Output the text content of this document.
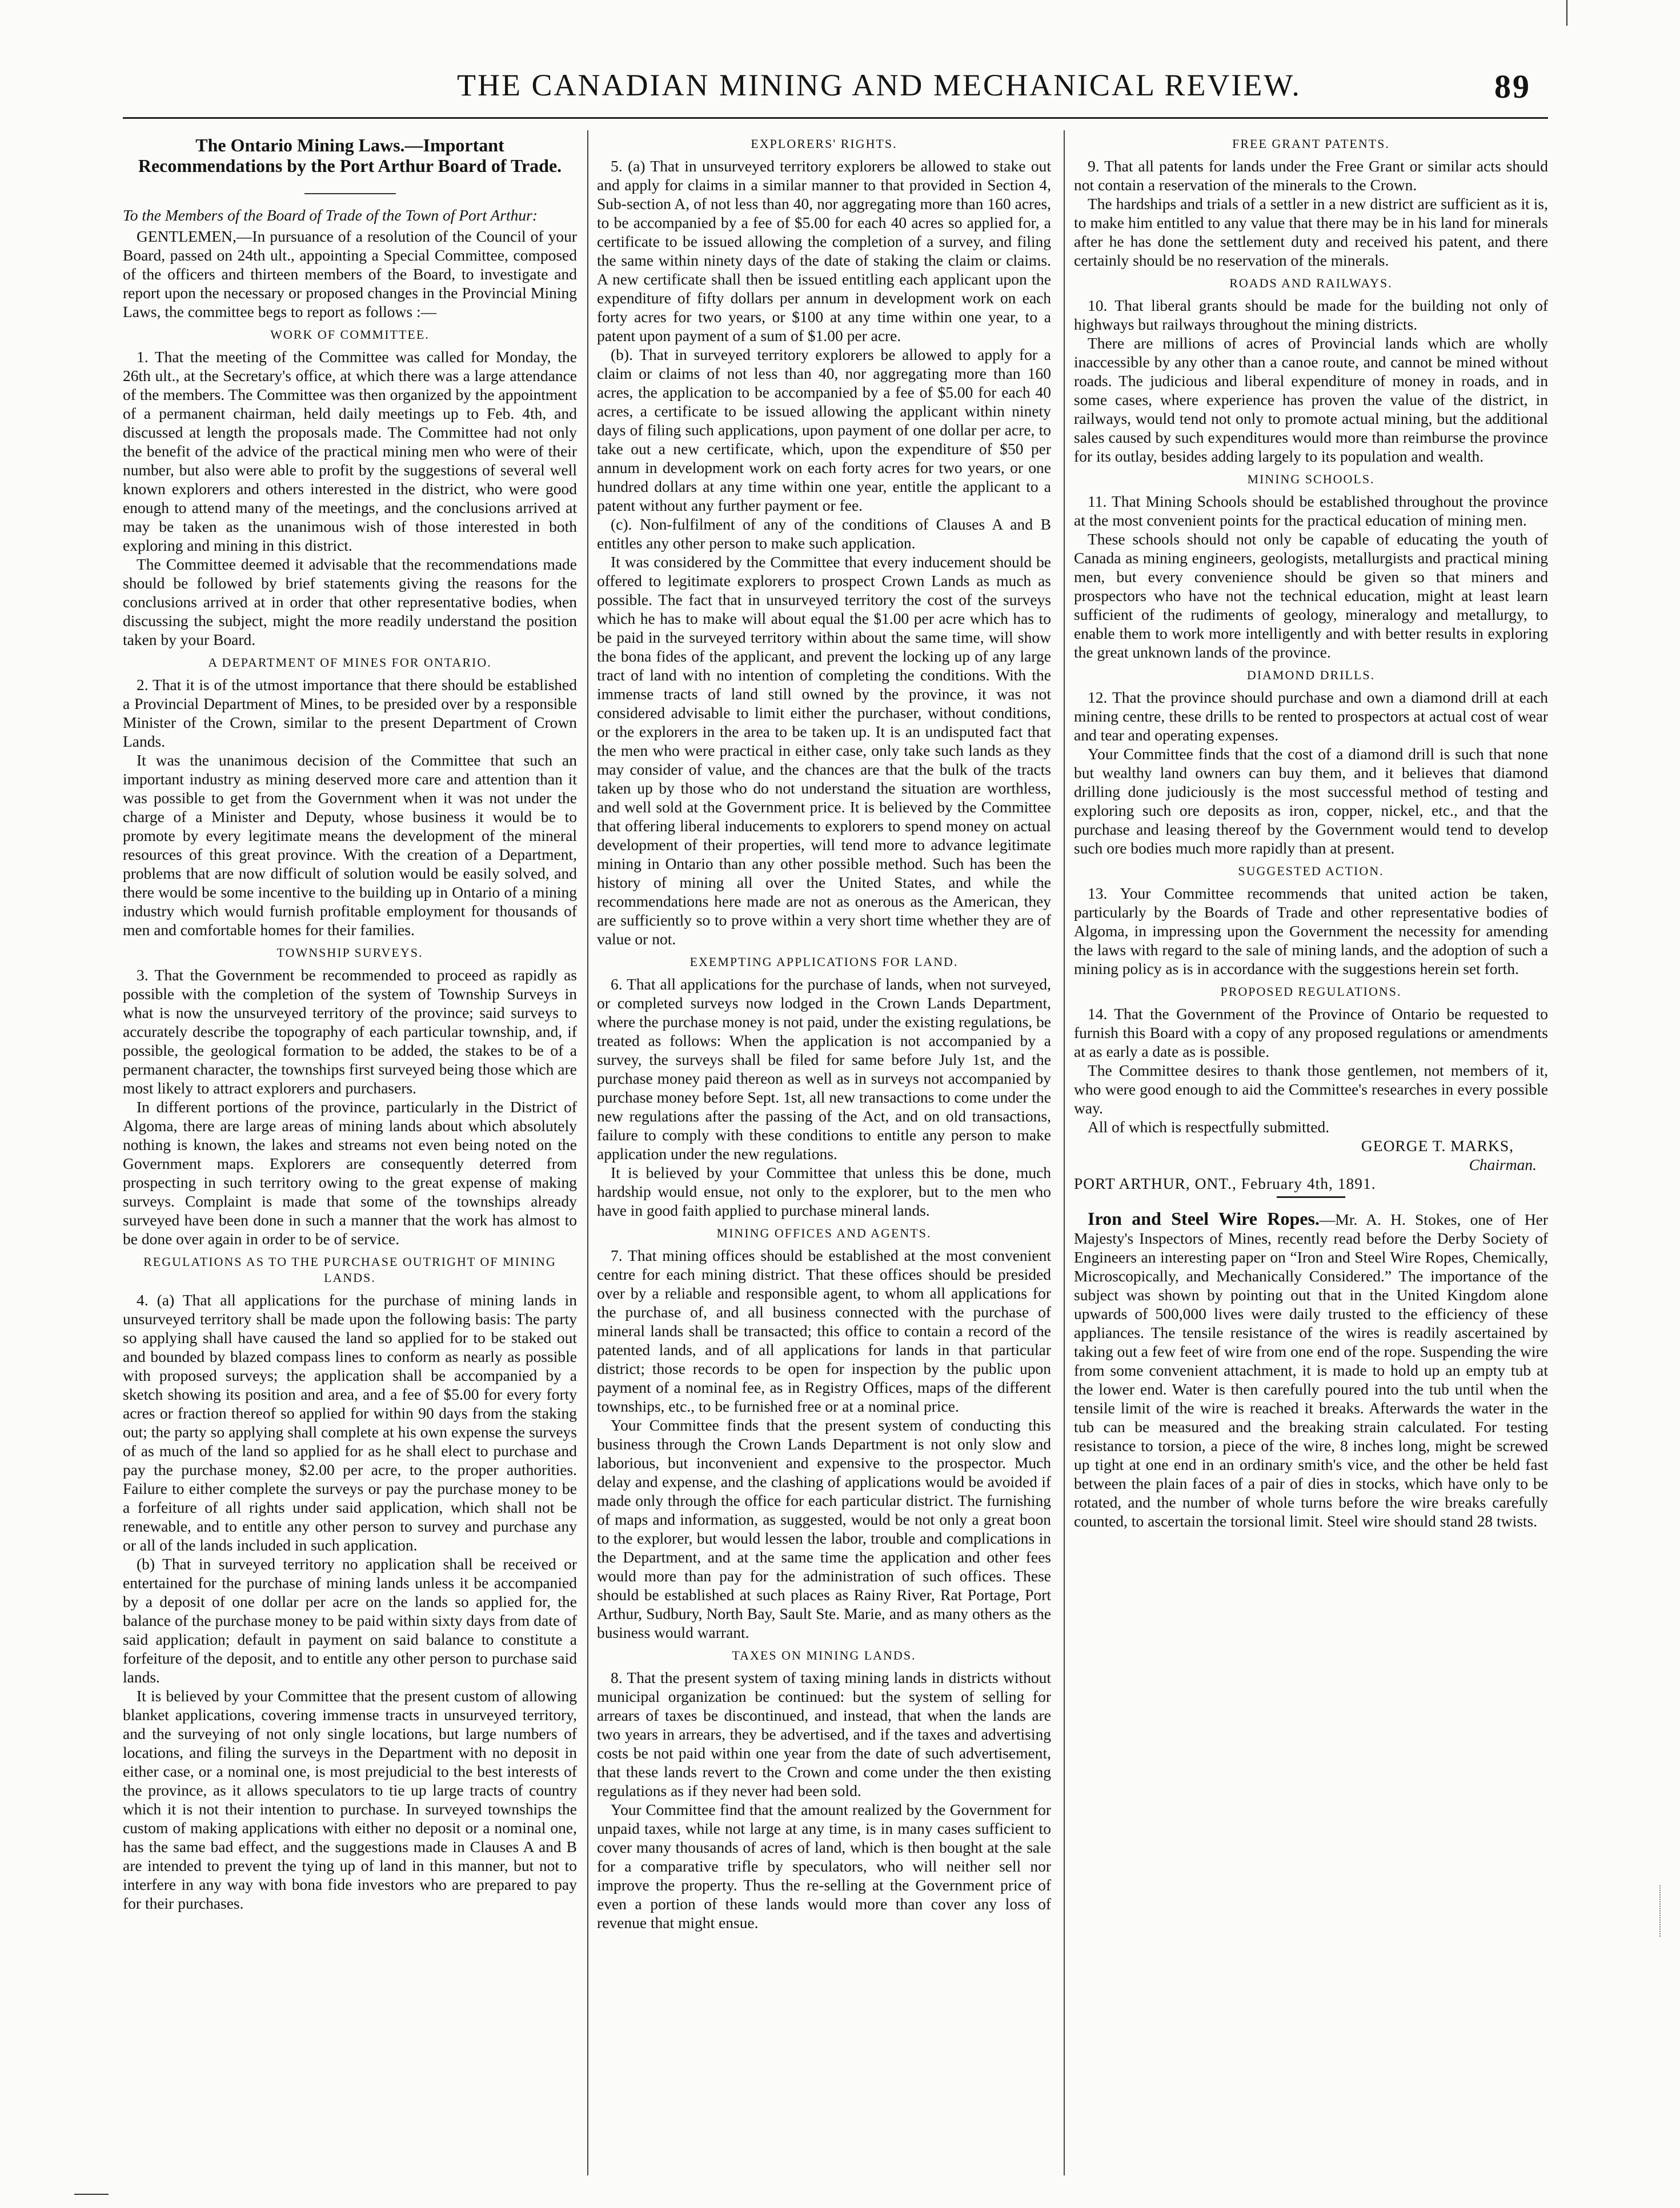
THE CANADIAN MINING AND MECHANICAL REVIEW.	89
The Ontario Mining Laws.—Important Recommendations by the Port Arthur Board of Trade.

To the Members of the Board of Trade of the Town of Port Arthur:

GENTLEMEN,—In pursuance of a resolution of the Council of your Board, passed on 24th ult., appointing a Special Committee, composed of the officers and thirteen members of the Board, to investigate and report upon the necessary or proposed changes in the Provincial Mining Laws, the committee begs to report as follows :—

WORK OF COMMITTEE.

1. That the meeting of the Committee was called for Monday, the 26th ult., at the Secretary's office, at which there was a large attendance of the members. The Committee was then organized by the appointment of a permanent chairman, held daily meetings up to Feb. 4th, and discussed at length the proposals made. The Committee had not only the benefit of the advice of the practical mining men who were of their number, but also were able to profit by the suggestions of several well known explorers and others interested in the district, who were good enough to attend many of the meetings, and the conclusions arrived at may be taken as the unanimous wish of those interested in both exploring and mining in this district.

The Committee deemed it advisable that the recommendations made should be followed by brief statements giving the reasons for the conclusions arrived at in order that other representative bodies, when discussing the subject, might the more readily understand the position taken by your Board.

A DEPARTMENT OF MINES FOR ONTARIO.

2. That it is of the utmost importance that there should be established a Provincial Department of Mines, to be presided over by a responsible Minister of the Crown, similar to the present Department of Crown Lands.

It was the unanimous decision of the Committee that such an important industry as mining deserved more care and attention than it was possible to get from the Government when it was not under the charge of a Minister and Deputy, whose business it would be to promote by every legitimate means the development of the mineral resources of this great province. With the creation of a Department, problems that are now difficult of solution would be easily solved, and there would be some incentive to the building up in Ontario of a mining industry which would furnish profitable employment for thousands of men and comfortable homes for their families.

TOWNSHIP SURVEYS.

3. That the Government be recommended to proceed as rapidly as possible with the completion of the system of Township Surveys in what is now the unsurveyed territory of the province; said surveys to accurately describe the topography of each particular township, and, if possible, the geological formation to be added, the stakes to be of a permanent character, the townships first surveyed being those which are most likely to attract explorers and purchasers.

In different portions of the province, particularly in the District of Algoma, there are large areas of mining lands about which absolutely nothing is known, the lakes and streams not even being noted on the Government maps. Explorers are consequently deterred from prospecting in such territory owing to the great expense of making surveys. Complaint is made that some of the townships already surveyed have been done in such a manner that the work has almost to be done over again in order to be of service.

REGULATIONS AS TO THE PURCHASE OUTRIGHT OF MINING LANDS.

4. (a) That all applications for the purchase of mining lands in unsurveyed territory shall be made upon the following basis: The party so applying shall have caused the land so applied for to be staked out and bounded by blazed compass lines to conform as nearly as possible with proposed surveys; the application shall be accompanied by a sketch showing its position and area, and a fee of $5.00 for every forty acres or fraction thereof so applied for within 90 days from the staking out; the party so applying shall complete at his own expense the surveys of as much of the land so applied for as he shall elect to purchase and pay the purchase money, $2.00 per acre, to the proper authorities. Failure to either complete the surveys or pay the purchase money to be a forfeiture of all rights under said application, which shall not be renewable, and to entitle any other person to survey and purchase any or all of the lands included in such application.

(b) That in surveyed territory no application shall be received or entertained for the purchase of mining lands unless it be accompanied by a deposit of one dollar per acre on the lands so applied for, the balance of the purchase money to be paid within sixty days from date of said application; default in payment on said balance to constitute a forfeiture of the deposit, and to entitle any other person to purchase said lands.

It is believed by your Committee that the present custom of allowing blanket applications, covering immense tracts in unsurveyed territory, and the surveying of not only single locations, but large numbers of locations, and filing the surveys in the Department with no deposit in either case, or a nominal one, is most prejudicial to the best interests of the province, as it allows speculators to tie up large tracts of country which it is not their intention to purchase. In surveyed townships the custom of making applications with either no deposit or a nominal one, has the same bad effect, and the suggestions made in Clauses A and B are intended to prevent the tying up of land in this manner, but not to interfere in any way with bona fide investors who are prepared to pay for their purchases.

EXPLORERS' RIGHTS.

5. (a) That in unsurveyed territory explorers be allowed to stake out and apply for claims in a similar manner to that provided in Section 4, Sub-section A, of not less than 40, nor aggregating more than 160 acres, to be accompanied by a fee of $5.00 for each 40 acres so applied for, a certificate to be issued allowing the completion of a survey, and filing the same within ninety days of the date of staking the claim or claims. A new certificate shall then be issued entitling each applicant upon the expenditure of fifty dollars per annum in development work on each forty acres for two years, or $100 at any time within one year, to a patent upon payment of a sum of $1.00 per acre.

(b). That in surveyed territory explorers be allowed to apply for a claim or claims of not less than 40, nor aggregating more than 160 acres, the application to be accompanied by a fee of $5.00 for each 40 acres, a certificate to be issued allowing the applicant within ninety days of filing such applications, upon payment of one dollar per acre, to take out a new certificate, which, upon the expenditure of $50 per annum in development work on each forty acres for two years, or one hundred dollars at any time within one year, entitle the applicant to a patent without any further payment or fee.

(c). Non-fulfilment of any of the conditions of Clauses A and B entitles any other person to make such application.

It was considered by the Committee that every inducement should be offered to legitimate explorers to prospect Crown Lands as much as possible. The fact that in unsurveyed territory the cost of the surveys which he has to make will about equal the $1.00 per acre which has to be paid in the surveyed territory within about the same time, will show the bona fides of the applicant, and prevent the locking up of any large tract of land with no intention of completing the conditions. With the immense tracts of land still owned by the province, it was not considered advisable to limit either the purchaser, without conditions, or the explorers in the area to be taken up. It is an undisputed fact that the men who were practical in either case, only take such lands as they may consider of value, and the chances are that the bulk of the tracts taken up by those who do not understand the situation are worthless, and well sold at the Government price. It is believed by the Committee that offering liberal inducements to explorers to spend money on actual development of their properties, will tend more to advance legitimate mining in Ontario than any other possible method. Such has been the history of mining all over the United States, and while the recommendations here made are not as onerous as the American, they are sufficiently so to prove within a very short time whether they are of value or not.

EXEMPTING APPLICATIONS FOR LAND.

6. That all applications for the purchase of lands, when not surveyed, or completed surveys now lodged in the Crown Lands Department, where the purchase money is not paid, under the existing regulations, be treated as follows: When the application is not accompanied by a survey, the surveys shall be filed for same before July 1st, and the purchase money paid thereon as well as in surveys not accompanied by purchase money before Sept. 1st, all new transactions to come under the new regulations after the passing of the Act, and on old transactions, failure to comply with these conditions to entitle any person to make application under the new regulations.

It is believed by your Committee that unless this be done, much hardship would ensue, not only to the explorer, but to the men who have in good faith applied to purchase mineral lands.

MINING OFFICES AND AGENTS.

7. That mining offices should be established at the most convenient centre for each mining district. That these offices should be presided over by a reliable and responsible agent, to whom all applications for the purchase of, and all business connected with the purchase of mineral lands shall be transacted; this office to contain a record of the patented lands, and of all applications for lands in that particular district; those records to be open for inspection by the public upon payment of a nominal fee, as in Registry Offices, maps of the different townships, etc., to be furnished free or at a nominal price.

Your Committee finds that the present system of conducting this business through the Crown Lands Department is not only slow and laborious, but inconvenient and expensive to the prospector. Much delay and expense, and the clashing of applications would be avoided if made only through the office for each particular district. The furnishing of maps and information, as suggested, would be not only a great boon to the explorer, but would lessen the labor, trouble and complications in the Department, and at the same time the application and other fees would more than pay for the administration of such offices. These should be established at such places as Rainy River, Rat Portage, Port Arthur, Sudbury, North Bay, Sault Ste. Marie, and as many others as the business would warrant.

TAXES ON MINING LANDS.

8. That the present system of taxing mining lands in districts without municipal organization be continued: but the system of selling for arrears of taxes be discontinued, and instead, that when the lands are two years in arrears, they be advertised, and if the taxes and advertising costs be not paid within one year from the date of such advertisement, that these lands revert to the Crown and come under the then existing regulations as if they never had been sold.

Your Committee find that the amount realized by the Government for unpaid taxes, while not large at any time, is in many cases sufficient to cover many thousands of acres of land, which is then bought at the sale for a comparative trifle by speculators, who will neither sell nor improve the property. Thus the re-selling at the Government price of even a portion of these lands would more than cover any loss of revenue that might ensue.

FREE GRANT PATENTS.

9. That all patents for lands under the Free Grant or similar acts should not contain a reservation of the minerals to the Crown.

The hardships and trials of a settler in a new district are sufficient as it is, to make him entitled to any value that there may be in his land for minerals after he has done the settlement duty and received his patent, and there certainly should be no reservation of the minerals.

ROADS AND RAILWAYS.

10. That liberal grants should be made for the building not only of highways but railways throughout the mining districts.

There are millions of acres of Provincial lands which are wholly inaccessible by any other than a canoe route, and cannot be mined without roads. The judicious and liberal expenditure of money in roads, and in some cases, where experience has proven the value of the district, in railways, would tend not only to promote actual mining, but the additional sales caused by such expenditures would more than reimburse the province for its outlay, besides adding largely to its population and wealth.

MINING SCHOOLS.

11. That Mining Schools should be established throughout the province at the most convenient points for the practical education of mining men.

These schools should not only be capable of educating the youth of Canada as mining engineers, geologists, metallurgists and practical mining men, but every convenience should be given so that miners and prospectors who have not the technical education, might at least learn sufficient of the rudiments of geology, mineralogy and metallurgy, to enable them to work more intelligently and with better results in exploring the great unknown lands of the province.

DIAMOND DRILLS.

12. That the province should purchase and own a diamond drill at each mining centre, these drills to be rented to prospectors at actual cost of wear and tear and operating expenses.

Your Committee finds that the cost of a diamond drill is such that none but wealthy land owners can buy them, and it believes that diamond drilling done judiciously is the most successful method of testing and exploring such ore deposits as iron, copper, nickel, etc., and that the purchase and leasing thereof by the Government would tend to develop such ore bodies much more rapidly than at present.

SUGGESTED ACTION.

13. Your Committee recommends that united action be taken, particularly by the Boards of Trade and other representative bodies of Algoma, in impressing upon the Government the necessity for amending the laws with regard to the sale of mining lands, and the adoption of such a mining policy as is in accordance with the suggestions herein set forth.

PROPOSED REGULATIONS.

14. That the Government of the Province of Ontario be requested to furnish this Board with a copy of any proposed regulations or amendments at as early a date as is possible.

The Committee desires to thank those gentlemen, not members of it, who were good enough to aid the Committee's researches in every possible way.

All of which is respectfully submitted.

GEORGE T. MARKS,

Chairman.

PORT ARTHUR, ONT., February 4th, 1891.

Iron and Steel Wire Ropes.—Mr. A. H. Stokes, one of Her Majesty's Inspectors of Mines, recently read before the Derby Society of Engineers an interesting paper on “Iron and Steel Wire Ropes, Chemically, Microscopically, and Mechanically Considered.” The importance of the subject was shown by pointing out that in the United Kingdom alone upwards of 500,000 lives were daily trusted to the efficiency of these appliances. The tensile resistance of the wires is readily ascertained by taking out a few feet of wire from one end of the rope. Suspending the wire from some convenient attachment, it is made to hold up an empty tub at the lower end. Water is then carefully poured into the tub until when the tensile limit of the wire is reached it breaks. Afterwards the water in the tub can be measured and the breaking strain calculated. For testing resistance to torsion, a piece of the wire, 8 inches long, might be screwed up tight at one end in an ordinary smith's vice, and the other be held fast between the plain faces of a pair of dies in stocks, which have only to be rotated, and the number of whole turns before the wire breaks carefully counted, to ascertain the torsional limit. Steel wire should stand 28 twists.
